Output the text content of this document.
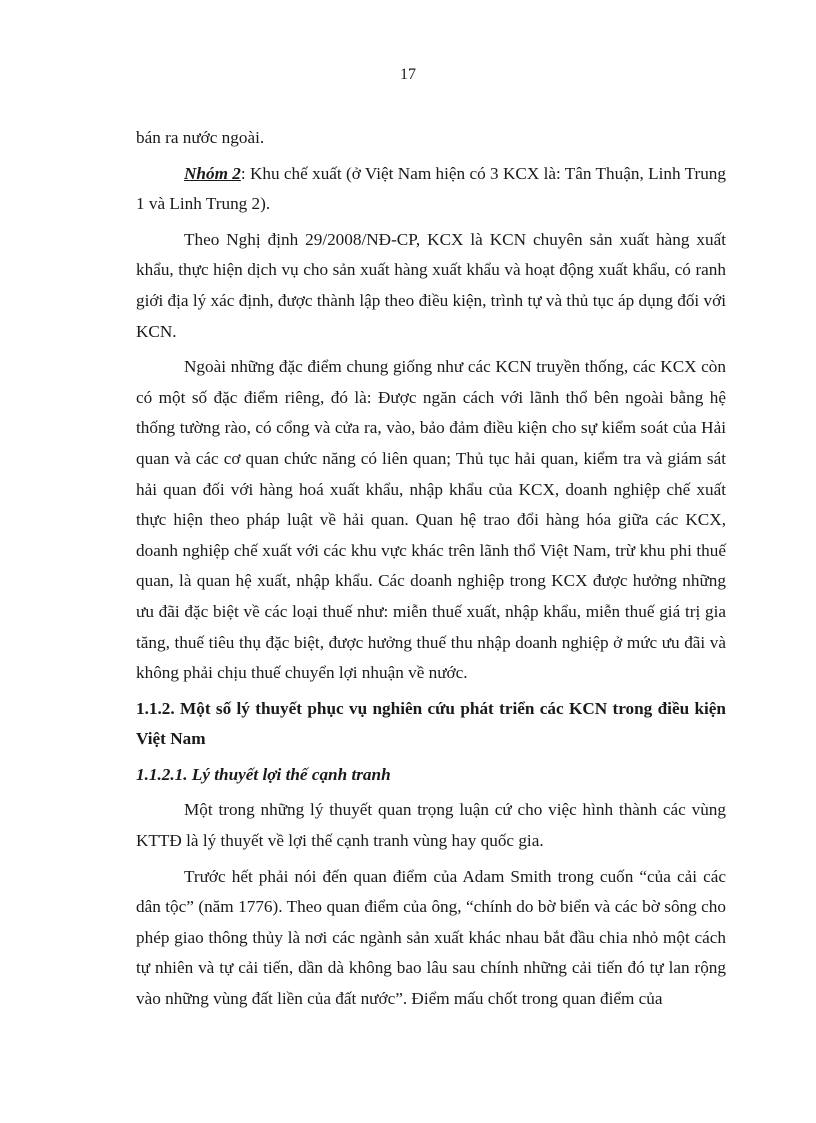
17

bán ra nước ngoài.

Nhóm 2: Khu chế xuất (ở Việt Nam hiện có 3 KCX là: Tân Thuận, Linh Trung 1 và Linh Trung 2).

Theo Nghị định 29/2008/NĐ-CP, KCX là KCN chuyên sản xuất hàng xuất khẩu, thực hiện dịch vụ cho sản xuất hàng xuất khẩu và hoạt động xuất khẩu, có ranh giới địa lý xác định, được thành lập theo điều kiện, trình tự và thủ tục áp dụng đối với KCN.

Ngoài những đặc điểm chung giống như các KCN truyền thống, các KCX còn có một số đặc điểm riêng, đó là: Được ngăn cách với lãnh thổ bên ngoài bằng hệ thống tường rào, có cổng và cửa ra, vào, bảo đảm điều kiện cho sự kiểm soát của Hải quan và các cơ quan chức năng có liên quan; Thủ tục hải quan, kiểm tra và giám sát hải quan đối với hàng hoá xuất khẩu, nhập khẩu của KCX, doanh nghiệp chế xuất thực hiện theo pháp luật về hải quan. Quan hệ trao đổi hàng hóa giữa các KCX, doanh nghiệp chế xuất với các khu vực khác trên lãnh thổ Việt Nam, trừ khu phi thuế quan, là quan hệ xuất, nhập khẩu. Các doanh nghiệp trong KCX được hưởng những ưu đãi đặc biệt về các loại thuế như: miễn thuế xuất, nhập khẩu, miễn thuế giá trị gia tăng, thuế tiêu thụ đặc biệt, được hưởng thuế thu nhập doanh nghiệp ở mức ưu đãi và không phải chịu thuế chuyển lợi nhuận về nước.

1.1.2. Một số lý thuyết phục vụ nghiên cứu phát triển các KCN trong điều kiện Việt Nam
1.1.2.1. Lý thuyết lợi thế cạnh tranh

Một trong những lý thuyết quan trọng luận cứ cho việc hình thành các vùng KTTĐ là lý thuyết về lợi thế cạnh tranh vùng hay quốc gia.

Trước hết phải nói đến quan điểm của Adam Smith trong cuốn “của cải các dân tộc” (năm 1776). Theo quan điểm của ông, “chính do bờ biển và các bờ sông cho phép giao thông thủy là nơi các ngành sản xuất khác nhau bắt đầu chia nhỏ một cách tự nhiên và tự cải tiến, dần dà không bao lâu sau chính những cải tiến đó tự lan rộng vào những vùng đất liền của đất nước”. Điểm mấu chốt trong quan điểm của
